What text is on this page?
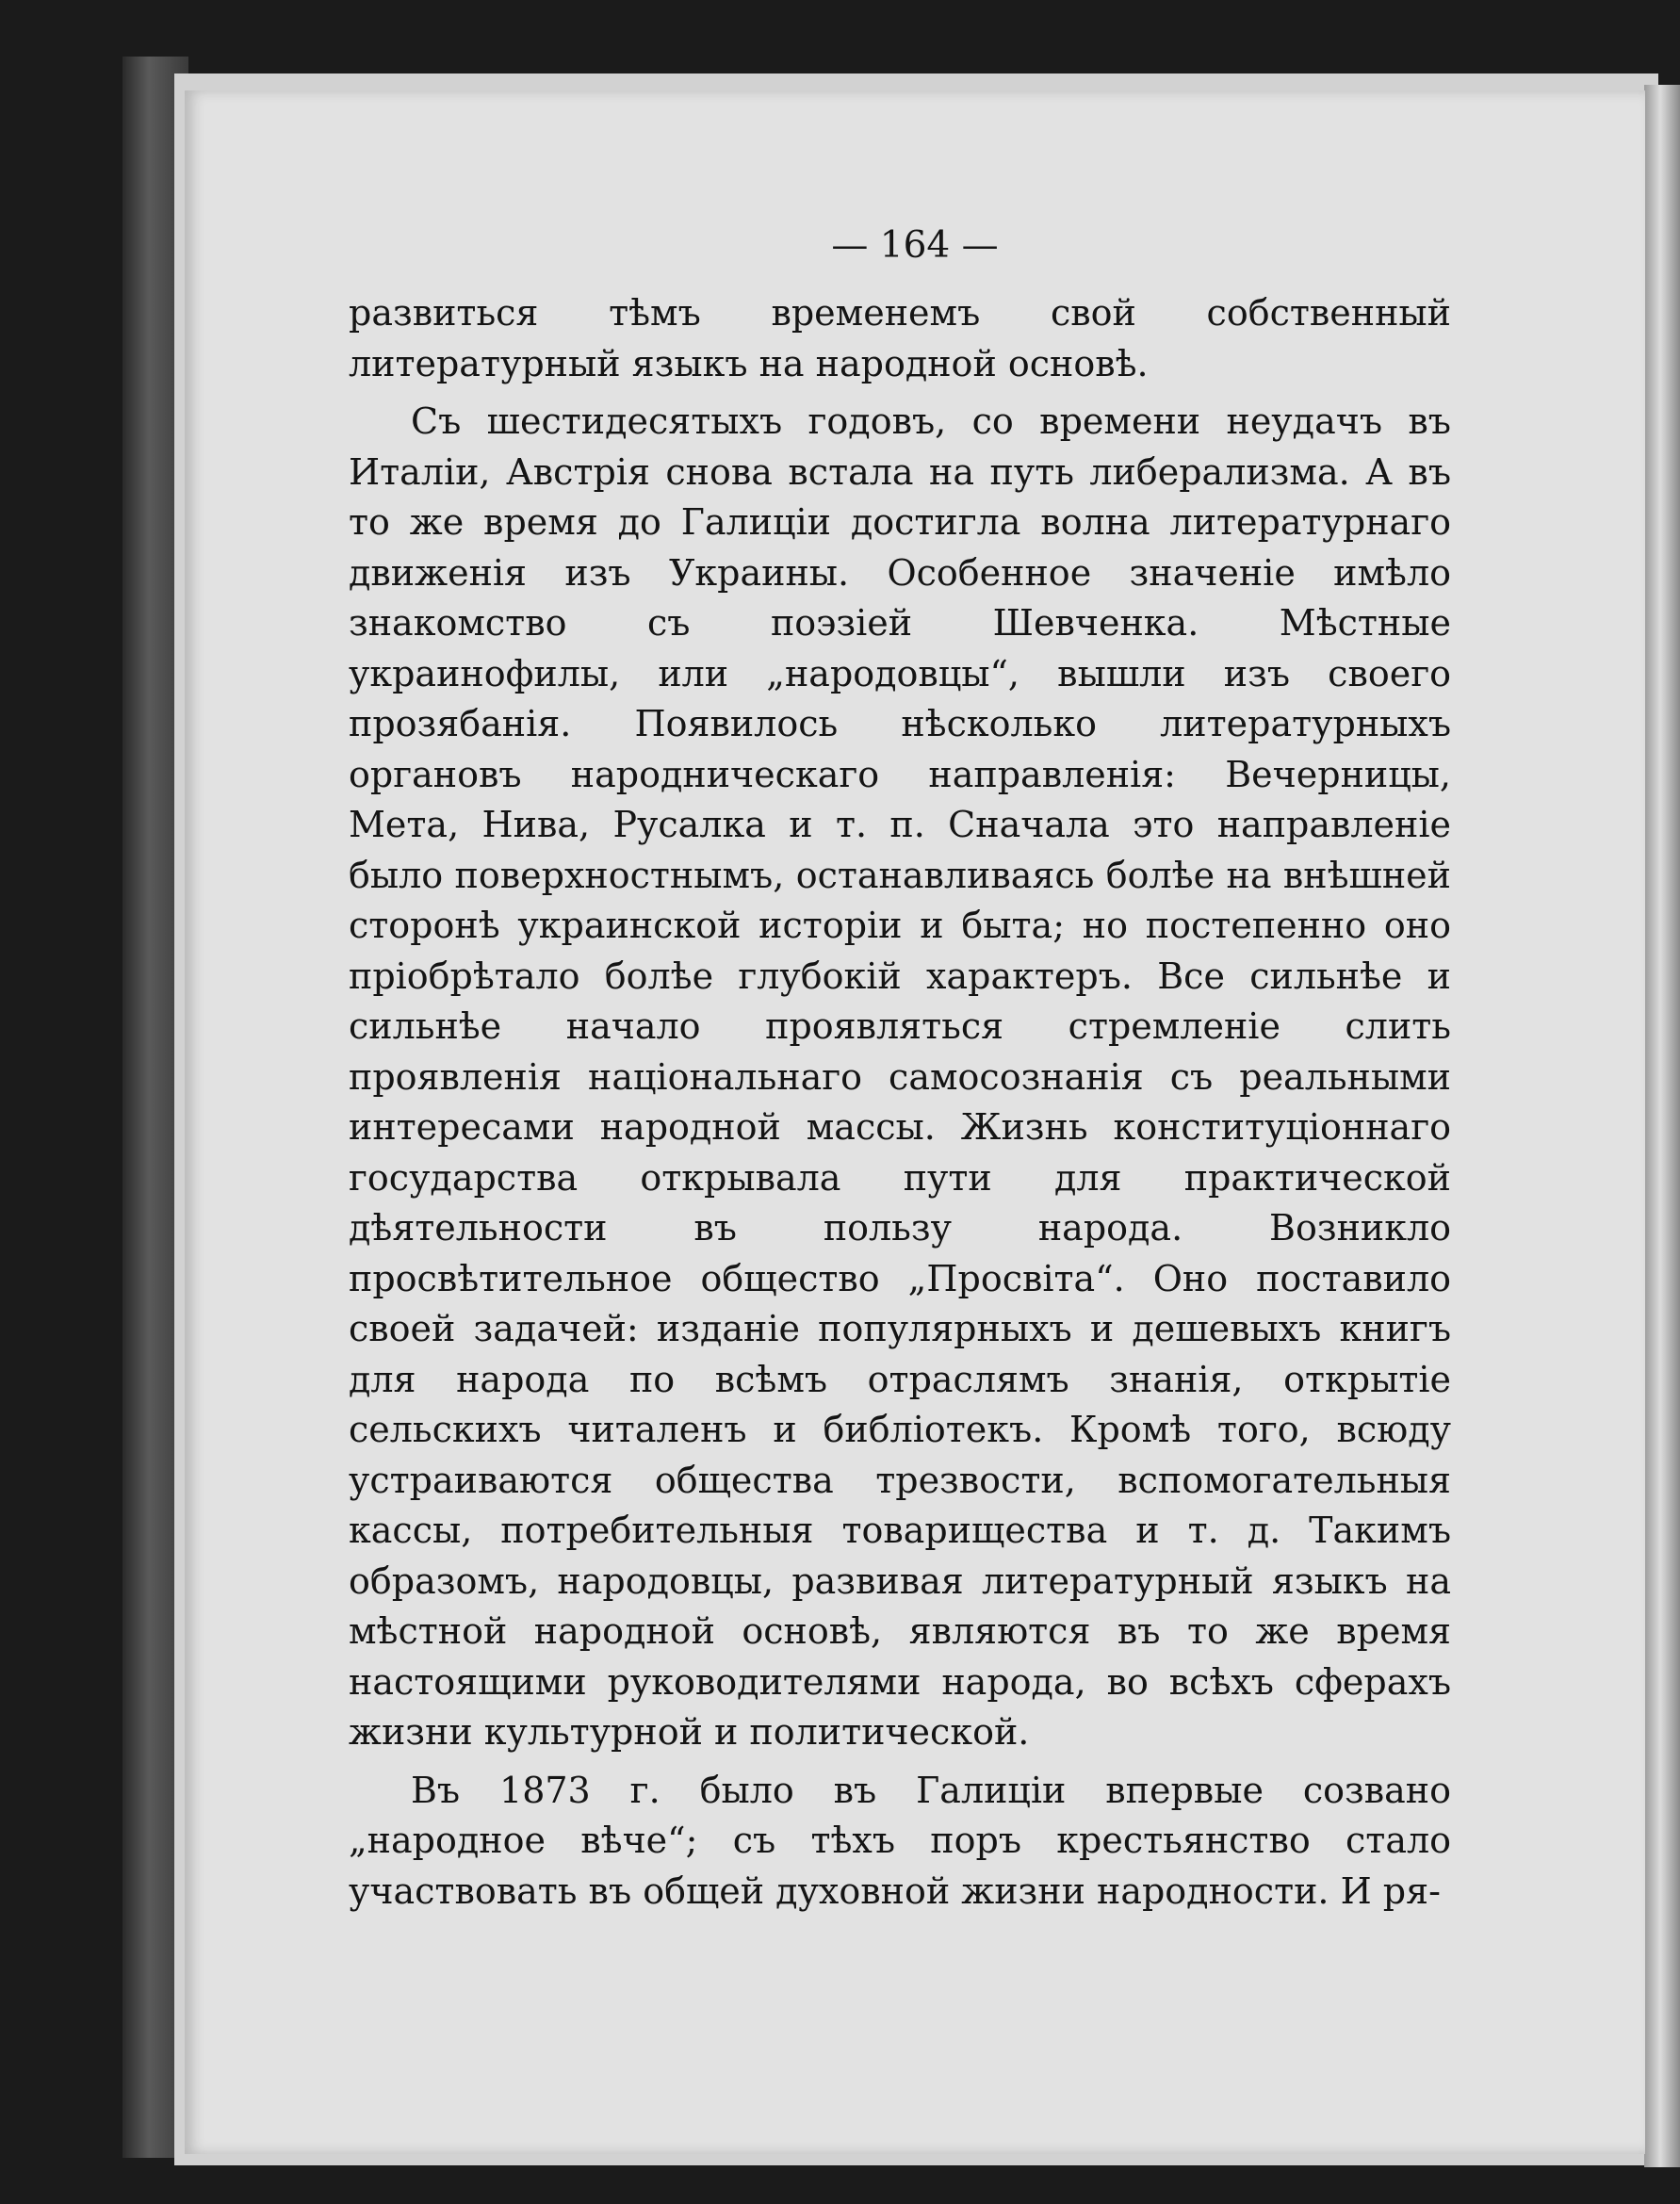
— 164 —

развиться тѣмъ временемъ свой собственный литературный языкъ на народной основѣ.

Съ шестидесятыхъ годовъ, со времени неудачъ въ Италіи, Австрія снова встала на путь либерализма. А въ то же время до Галиціи достигла волна литературнаго движенія изъ Украины. Особенное значеніе имѣло знакомство съ поэзіей Шевченка. Мѣстные украинофилы, или „народовцы“, вышли изъ своего прозябанія. Появилось нѣсколько литературныхъ органовъ народническаго направленія: Вечерницы, Мета, Нива, Русалка и т. п. Сначала это направленіе было поверхностнымъ, останавливаясь болѣе на внѣшней сторонѣ украинской исторіи и быта; но постепенно оно пріобрѣтало болѣе глубокій характеръ. Все сильнѣе и сильнѣе начало проявляться стремленіе слить проявленія національнаго самосознанія съ реальными интересами народной массы. Жизнь конституціоннаго государства открывала пути для практической дѣятельности въ пользу народа. Возникло просвѣтительное общество „Просвіта“. Оно поставило своей задачей: изданіе популярныхъ и дешевыхъ книгъ для народа по всѣмъ отраслямъ знанія, открытіе сельскихъ читаленъ и библіотекъ. Кромѣ того, всюду устраиваются общества трезвости, вспомогательныя кассы, потребительныя товарищества и т. д. Такимъ образомъ, народовцы, развивая литературный языкъ на мѣстной народной основѣ, являются въ то же время настоящими руководителями народа, во всѣхъ сферахъ жизни культурной и политической.

Въ 1873 г. было въ Галиціи впервые созвано „народное вѣче“; съ тѣхъ поръ крестьянство стало участвовать въ общей духовной жизни народности. И ря-
